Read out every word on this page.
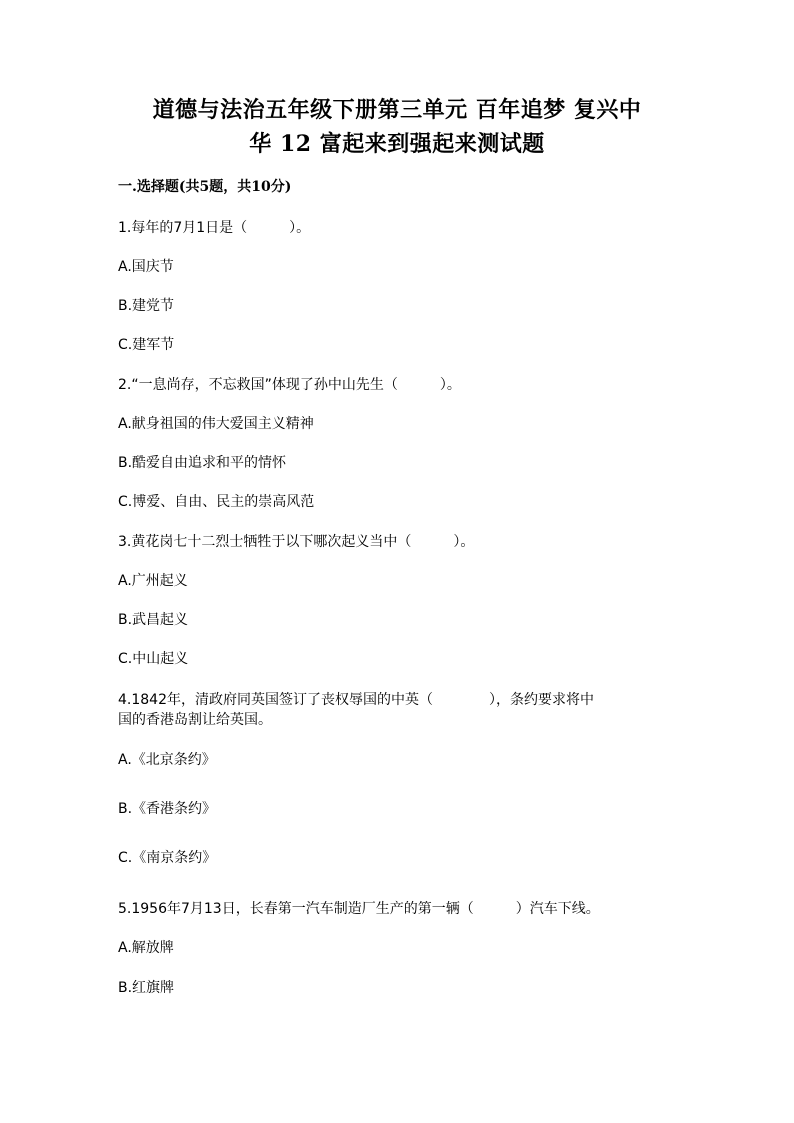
道德与法治五年级下册第三单元 百年追梦 复兴中
华 12 富起来到强起来测试题
一.选择题(共5题，共10分)
1.每年的7月1日是（　　　）。
A.国庆节
B.建党节
C.建军节
2.“一息尚存，不忘救国”体现了孙中山先生（　　　）。
A.献身祖国的伟大爱国主义精神
B.酷爱自由追求和平的情怀
C.博爱、自由、民主的崇高风范
3.黄花岗七十二烈士牺牲于以下哪次起义当中（　　　）。
A.广州起义
B.武昌起义
C.中山起义
4.1842年，清政府同英国签订了丧权辱国的中英（　　　　），条约要求将中
国的香港岛割让给英国。
A.《北京条约》
B.《香港条约》
C.《南京条约》
5.1956年7月13日，长春第一汽车制造厂生产的第一辆（　　　）汽车下线。
A.解放牌
B.红旗牌
